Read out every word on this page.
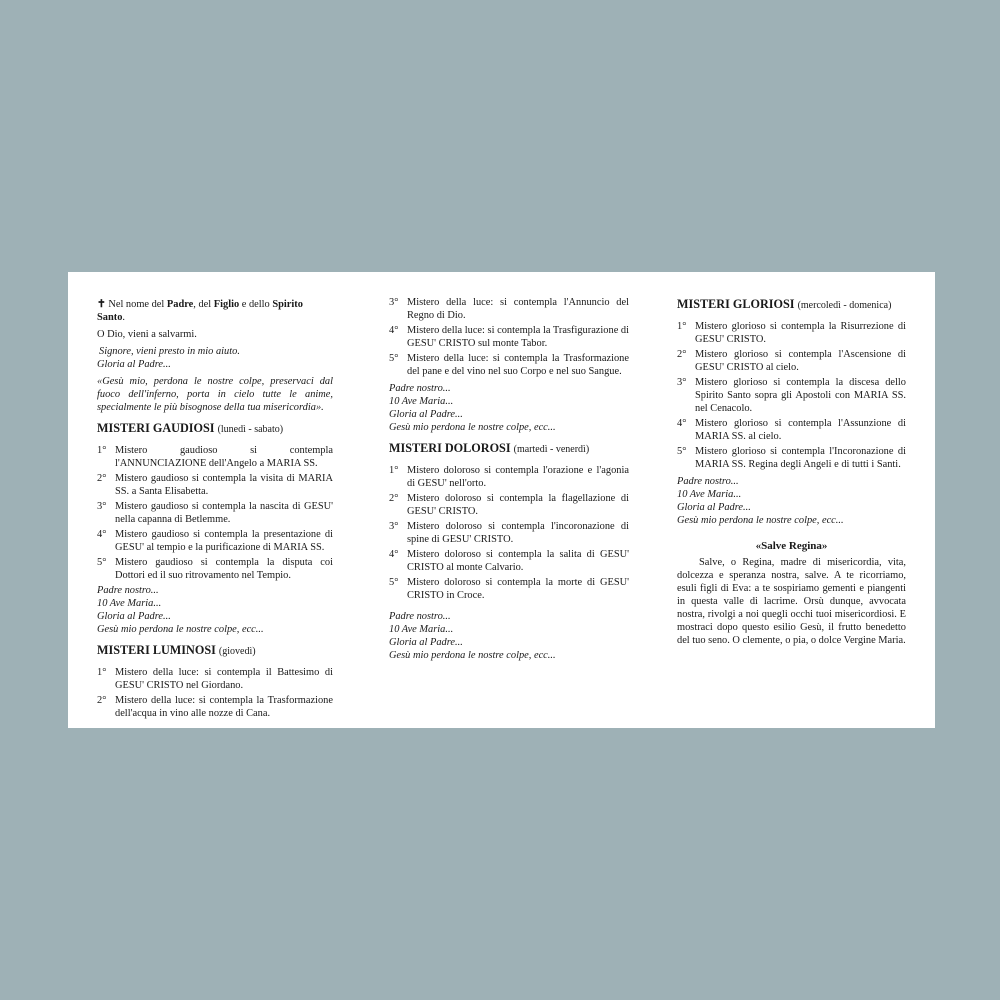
✝ Nel nome del Padre, del Figlio e dello Spirito Santo.

O Dio, vieni a salvarmi.

Signore, vieni presto in mio aiuto.

Gloria al Padre...

«Gesù mio, perdona le nostre colpe, preservaci dal fuoco dell'inferno, porta in cielo tutte le anime, specialmente le più bisognose della tua misericordia».

MISTERI GAUDIOSI (lunedì - sabato)

1° Mistero gaudioso si contempla l'ANNUNCIAZIONE dell'Angelo a MARIA SS.
2° Mistero gaudioso si contempla la visita di MARIA SS. a Santa Elisabetta.
3° Mistero gaudioso si contempla la nascita di GESU' nella capanna di Betlemme.
4° Mistero gaudioso si contempla la presentazione di GESU' al tempio e la purificazione di MARIA SS.
5° Mistero gaudioso si contempla la disputa coi Dottori ed il suo ritrovamento nel Tempio.

Padre nostro...

10 Ave Maria...

Gloria al Padre...

Gesù mio perdona le nostre colpe, ecc...

MISTERI LUMINOSI (giovedì)

1° Mistero della luce: si contempla il Battesimo di GESU' CRISTO nel Giordano.
2° Mistero della luce: si contempla la Trasformazione dell'acqua in vino alle nozze di Cana.
3° Mistero della luce: si contempla l'Annuncio del Regno di Dio.
4° Mistero della luce: si contempla la Trasfigurazione di GESU' CRISTO sul monte Tabor.
5° Mistero della luce: si contempla la Trasformazione del pane e del vino nel suo Corpo e nel suo Sangue.

Padre nostro...

10 Ave Maria...

Gloria al Padre...

Gesù mio perdona le nostre colpe, ecc...

MISTERI DOLOROSI (martedì - venerdì)

1° Mistero doloroso si contempla l'orazione e l'agonia di GESU' nell'orto.
2° Mistero doloroso si contempla la flagellazione di GESU' CRISTO.
3° Mistero doloroso si contempla l'incoronazione di spine di GESU' CRISTO.
4° Mistero doloroso si contempla la salita di GESU' CRISTO al monte Calvario.
5° Mistero doloroso si contempla la morte di GESU' CRISTO in Croce.

Padre nostro...

10 Ave Maria...

Gloria al Padre...

Gesù mio perdona le nostre colpe, ecc...

MISTERI GLORIOSI (mercoledì - domenica)

1° Mistero glorioso si contempla la Risurrezione di GESU' CRISTO.
2° Mistero glorioso si contempla l'Ascensione di GESU' CRISTO al cielo.
3° Mistero glorioso si contempla la discesa dello Spirito Santo sopra gli Apostoli con MARIA SS. nel Cenacolo.
4° Mistero glorioso si contempla l'Assunzione di MARIA SS. al cielo.
5° Mistero glorioso si contempla l'Incoronazione di MARIA SS. Regina degli Angeli e di tutti i Santi.

Padre nostro...

10 Ave Maria...

Gloria al Padre...

Gesù mio perdona le nostre colpe, ecc...

«Salve Regina»

Salve, o Regina, madre di misericordia, vita, dolcezza e speranza nostra, salve. A te ricorriamo, esuli figli di Eva: a te sospiriamo gementi e piangenti in questa valle di lacrime. Orsù dunque, avvocata nostra, rivolgi a noi quegli occhi tuoi misericordiosi. E mostraci dopo questo esilio Gesù, il frutto benedetto del tuo seno. O clemente, o pia, o dolce Vergine Maria.
